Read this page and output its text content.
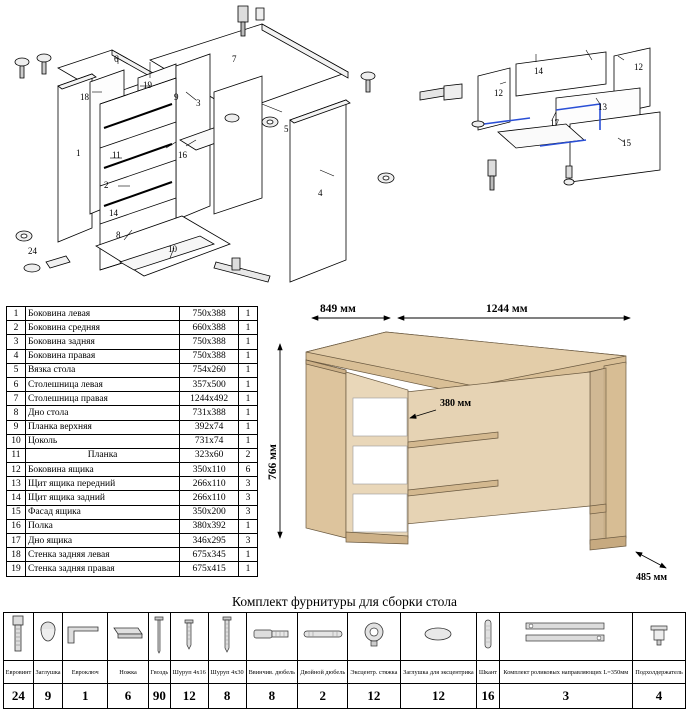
6	7
19
18	9
5
3
1	11	16
2
14
8
10
24
4
14	12
12
13
17
15
1	Боковина левая	750x388	1
2	Боковина средняя	660x388	1
3	Боковина задняя	750x388	1
4	Боковина правая	750x388	1
5	Вязка стола	754x260	1
6	Столешница левая	357x500	1
7	Столешница правая	1244x492	1
8	Дно стола	731x388	1
9	Планка верхняя	392x74	1
10	Цоколь	731x74	1
11	Планка	323x60	2
12	Боковина ящика	350x110	6
13	Щит ящика передний	266x110	3
14	Щит ящика задний	266x110	3
15	Фасад ящика	350x200	3
16	Полка	380x392	1
17	Дно ящика	346x295	3
18	Стенка задняя левая	675x345	1
19	Стенка задняя правая	675x415	1
849 мм	1244 мм
380 мм
485 мм
766 мм
Комплект фурнитуры для сборки стола

Евровинт	Заглушка	Евроключ	Ножка	Гвоздь	Шуруп 4x16	Шуруп 4x30	Ввинчив. дюбель	Двойной дюбель	Эксцентр. стяжка	Заглушка для эксцентрика	Шкант	Комплект роликовых направляющих L=350мм	Подхолдержатель
24	9	1	6	90	12	8	8	2	12	12	16	3	4
